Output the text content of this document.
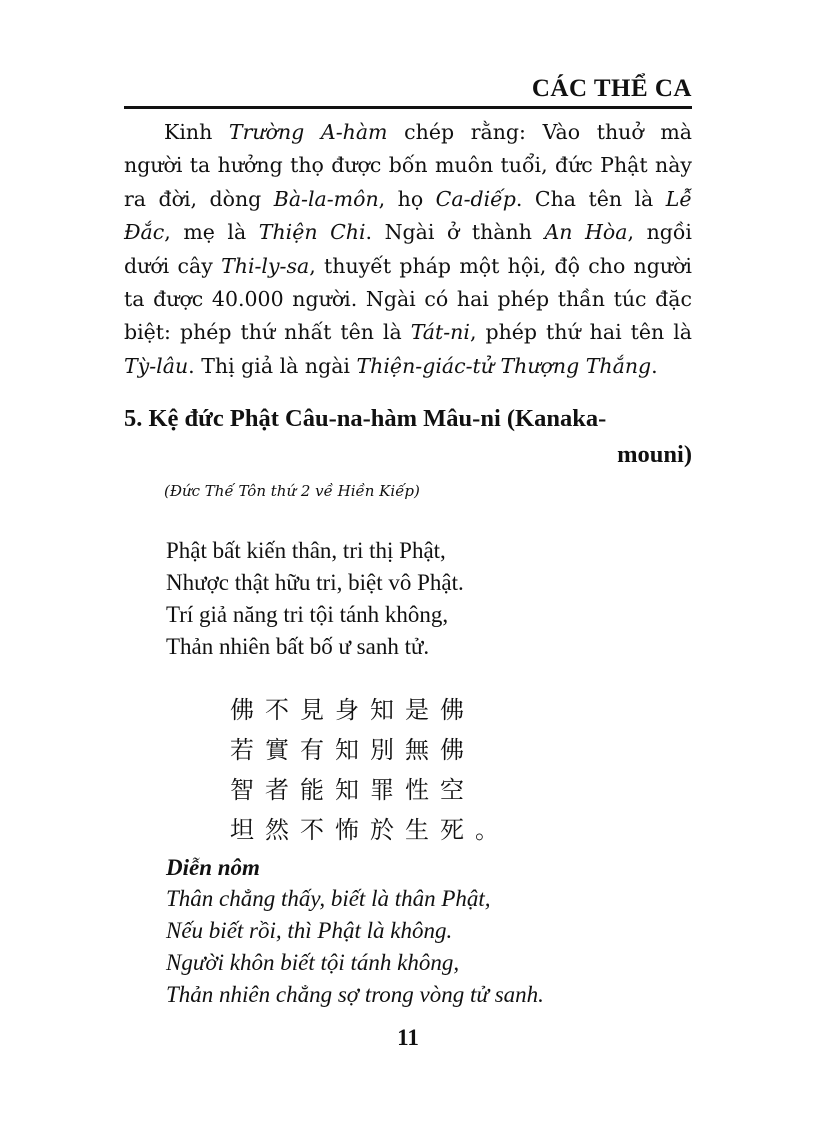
CÁC THỂ CA
Kinh Trường A-hàm chép rằng: Vào thuở mà
người ta hưởng thọ được bốn muôn tuổi, đức Phật này
ra đời, dòng Bà-la-môn, họ Ca-diếp. Cha tên là Lễ
Đắc, mẹ là Thiện Chi. Ngài ở thành An Hòa, ngồi
dưới cây Thi-ly-sa, thuyết pháp một hội, độ cho người
ta được 40.000 người. Ngài có hai phép thần túc đặc
biệt: phép thứ nhất tên là Tát-ni, phép thứ hai tên là
Tỳ-lâu. Thị giả là ngài Thiện-giác-tử Thượng Thắng.
5. Kệ đức Phật Câu-na-hàm Mâu-ni (Kanaka-
mouni)
(Đức Thế Tôn thứ 2 về Hiền Kiếp)
Phật bất kiến thân, tri thị Phật,
Nhược thật hữu tri, biệt vô Phật.
Trí giả năng tri tội tánh không,
Thản nhiên bất bố ư sanh tử.
佛不見身知是佛
若實有知別無佛
智者能知罪性空
坦然不怖於生死。
Diễn nôm
Thân chẳng thấy, biết là thân Phật,
Nếu biết rồi, thì Phật là không.
Người khôn biết tội tánh không,
Thản nhiên chẳng sợ trong vòng tử sanh.
11
